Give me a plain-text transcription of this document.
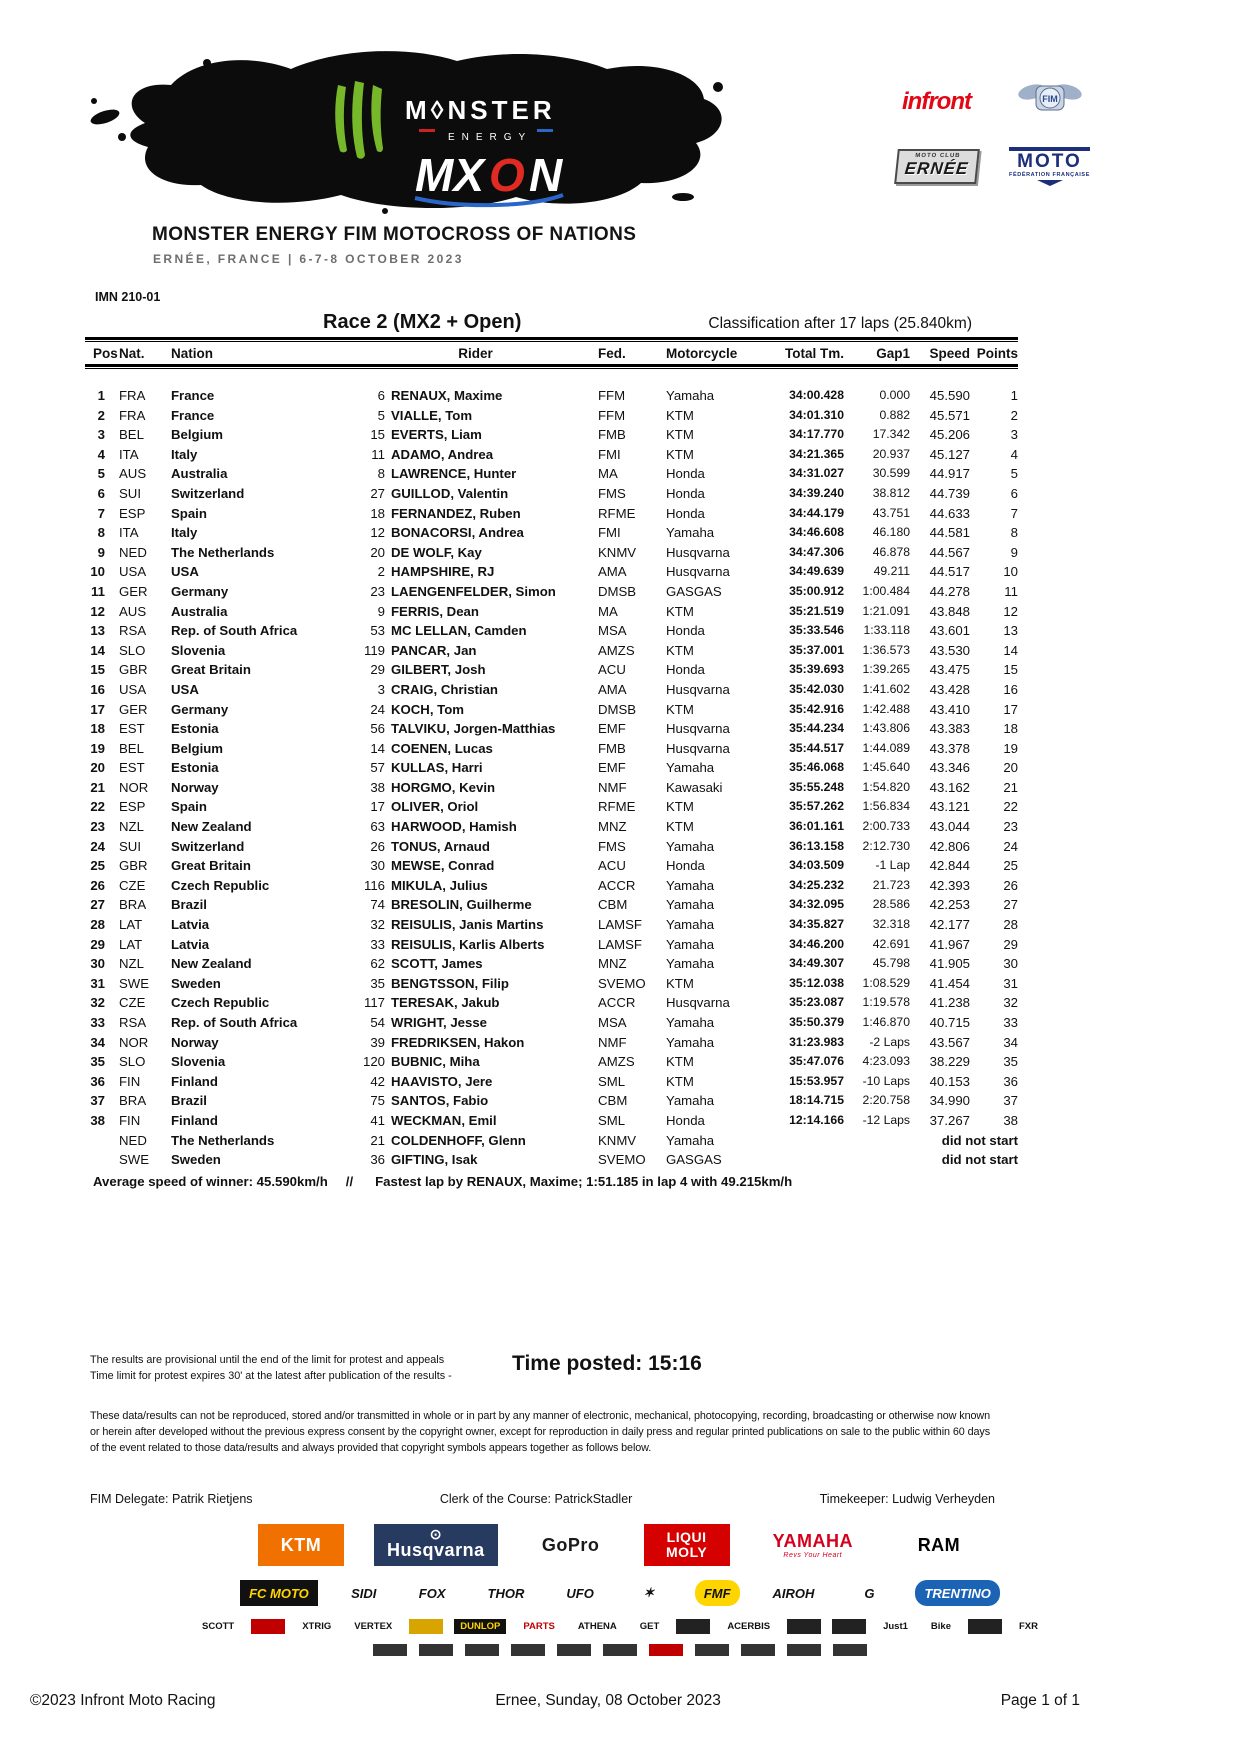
M◊NSTER
ENERGY
MX O N
infront	FIM
MOTO CLUB
ERNÉE	MOTO
FÉDÉRATION FRANÇAISE
MONSTER ENERGY FIM MOTOCROSS OF NATIONS
ERNÉE, FRANCE | 6-7-8 OCTOBER 2023
IMN 210-01
Race 2 (MX2 + Open)	Classification after 17 laps (25.840km)
Pos Nat.	Nation	Rider	Fed.	Motorcycle	Total Tm.	Gap1	Speed Points
1	FRA	France	6 RENAUX, Maxime	FFM	Yamaha	34:00.428	0.000	45.590	1
2	FRA	France	5 VIALLE, Tom	FFM	KTM	34:01.310	0.882	45.571	2
3	BEL	Belgium	15 EVERTS, Liam	FMB	KTM	34:17.770	17.342	45.206	3
4	ITA	Italy	11 ADAMO, Andrea	FMI	KTM	34:21.365	20.937	45.127	4
5	AUS	Australia	8 LAWRENCE, Hunter	MA	Honda	34:31.027	30.599	44.917	5
6	SUI	Switzerland	27 GUILLOD, Valentin	FMS	Honda	34:39.240	38.812	44.739	6
7	ESP	Spain	18 FERNANDEZ, Ruben	RFME	Honda	34:44.179	43.751	44.633	7
8	ITA	Italy	12 BONACORSI, Andrea	FMI	Yamaha	34:46.608	46.180	44.581	8
9	NED	The Netherlands	20 DE WOLF, Kay	KNMV	Husqvarna	34:47.306	46.878	44.567	9
10	USA	USA	2 HAMPSHIRE, RJ	AMA	Husqvarna	34:49.639	49.211	44.517	10
11	GER	Germany	23 LAENGENFELDER, Simon	DMSB	GASGAS	35:00.912	1:00.484	44.278	11
12	AUS	Australia	9 FERRIS, Dean	MA	KTM	35:21.519	1:21.091	43.848	12
13	RSA	Rep. of South Africa	53 MC LELLAN, Camden	MSA	Honda	35:33.546	1:33.118	43.601	13
14	SLO	Slovenia	119 PANCAR, Jan	AMZS	KTM	35:37.001	1:36.573	43.530	14
15	GBR	Great Britain	29 GILBERT, Josh	ACU	Honda	35:39.693	1:39.265	43.475	15
16	USA	USA	3 CRAIG, Christian	AMA	Husqvarna	35:42.030	1:41.602	43.428	16
17	GER	Germany	24 KOCH, Tom	DMSB	KTM	35:42.916	1:42.488	43.410	17
18	EST	Estonia	56 TALVIKU, Jorgen-Matthias	EMF	Husqvarna	35:44.234	1:43.806	43.383	18
19	BEL	Belgium	14 COENEN, Lucas	FMB	Husqvarna	35:44.517	1:44.089	43.378	19
20	EST	Estonia	57 KULLAS, Harri	EMF	Yamaha	35:46.068	1:45.640	43.346	20
21	NOR	Norway	38 HORGMO, Kevin	NMF	Kawasaki	35:55.248	1:54.820	43.162	21
22	ESP	Spain	17 OLIVER, Oriol	RFME	KTM	35:57.262	1:56.834	43.121	22
23	NZL	New Zealand	63 HARWOOD, Hamish	MNZ	KTM	36:01.161	2:00.733	43.044	23
24	SUI	Switzerland	26 TONUS, Arnaud	FMS	Yamaha	36:13.158	2:12.730	42.806	24
25	GBR	Great Britain	30 MEWSE, Conrad	ACU	Honda	34:03.509	-1 Lap	42.844	25
26	CZE	Czech Republic	116 MIKULA, Julius	ACCR	Yamaha	34:25.232	21.723	42.393	26
27	BRA	Brazil	74 BRESOLIN, Guilherme	CBM	Yamaha	34:32.095	28.586	42.253	27
28	LAT	Latvia	32 REISULIS, Janis Martins	LAMSF	Yamaha	34:35.827	32.318	42.177	28
29	LAT	Latvia	33 REISULIS, Karlis Alberts	LAMSF	Yamaha	34:46.200	42.691	41.967	29
30	NZL	New Zealand	62 SCOTT, James	MNZ	Yamaha	34:49.307	45.798	41.905	30
31	SWE	Sweden	35 BENGTSSON, Filip	SVEMO	KTM	35:12.038	1:08.529	41.454	31
32	CZE	Czech Republic	117 TERESAK, Jakub	ACCR	Husqvarna	35:23.087	1:19.578	41.238	32
33	RSA	Rep. of South Africa	54 WRIGHT, Jesse	MSA	Yamaha	35:50.379	1:46.870	40.715	33
34	NOR	Norway	39 FREDRIKSEN, Hakon	NMF	Yamaha	31:23.983	-2 Laps	43.567	34
35	SLO	Slovenia	120 BUBNIC, Miha	AMZS	KTM	35:47.076	4:23.093	38.229	35
36	FIN	Finland	42 HAAVISTO, Jere	SML	KTM	15:53.957	-10 Laps	40.153	36
37	BRA	Brazil	75 SANTOS, Fabio	CBM	Yamaha	18:14.715	2:20.758	34.990	37
38	FIN	Finland	41 WECKMAN, Emil	SML	Honda	12:14.166	-12 Laps	37.267	38
NED	The Netherlands	21 COLDENHOFF, Glenn	KNMV	Yamaha	did not start
SWE	Sweden	36 GIFTING, Isak	SVEMO	GASGAS	did not start
Average speed of winner: 45.590km/h // Fastest lap by RENAUX, Maxime; 1:51.185 in lap 4 with 49.215km/h
The results are provisional until the end of the limit for protest and appeals
Time limit for protest expires 30' at the latest after publication of the results -
Time posted: 15:16
These data/results can not be reproduced, stored and/or transmitted in whole or in part by any manner of electronic, mechanical, photocopying, recording, broadcasting or otherwise now known or herein after developed without the previous express consent by the copyright owner, except for reproduction in daily press and regular printed publications on sale to the public within 60 days of the event related to those data/results and always provided that copyright symbols appears together as follows below.
FIM Delegate: Patrik Rietjens	Clerk of the Course: PatrickStadler	Timekeeper: Ludwig Verheyden
KTM
⊙
Husqvarna	GoPro	LIQUI MOLY
YAMAHA
Revs Your Heart
RAM
FC MOTO	SIDI	FOX	THOR	UFO	✶	FMF	AIROH	G	TRENTINO
SCOTT	XTRIG VERTEX	DUNLOP PARTS ATHENA GET	ACERBIS	Just1 Bike	FXR
©2023 Infront Moto Racing	Ernee, Sunday, 08 October 2023	Page 1 of 1
